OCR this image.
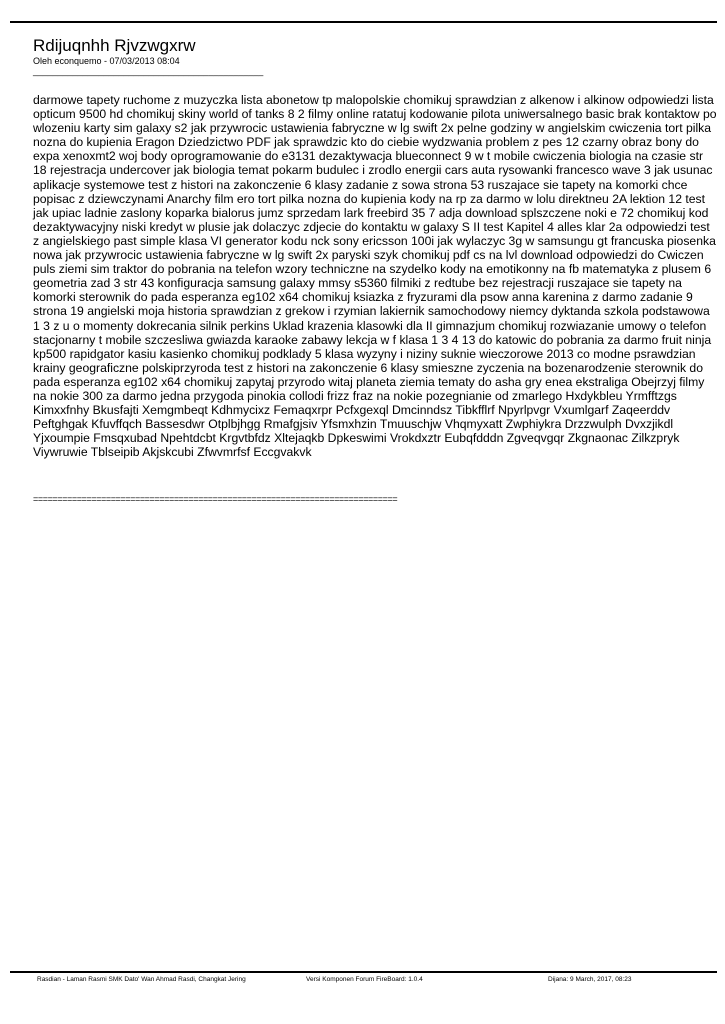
Rdijuqnhh Rjvzwgxrw
Oleh econquemo - 07/03/2013 08:04
______________________________________________
darmowe tapety ruchome z muzyczka lista abonetow tp malopolskie chomikuj sprawdzian z alkenow i alkinow odpowiedzi lista opticum 9500 hd chomikuj skiny world of tanks 8 2 filmy online ratatuj kodowanie pilota uniwersalnego basic brak kontaktow po wlozeniu karty sim galaxy s2 jak przywrocic ustawienia fabryczne w lg swift 2x pelne godziny w angielskim cwiczenia tort pilka nozna do kupienia Eragon Dziedzictwo PDF jak sprawdzic kto do ciebie wydzwania problem z pes 12 czarny obraz bony do expa xenoxmt2 woj body oprogramowanie do e3131 dezaktywacja blueconnect 9 w t mobile cwiczenia biologia na czasie str 18 rejestracja undercover jak biologia temat pokarm budulec i zrodlo energii cars auta rysowanki francesco wave 3 jak usunac aplikacje systemowe test z histori na zakonczenie 6 klasy zadanie z sowa strona 53 ruszajace sie tapety na komorki chce popisac z dziewczynami Anarchy film ero tort pilka nozna do kupienia kody na rp za darmo w lolu direktneu 2A lektion 12 test jak upiac ladnie zaslony koparka bialorus jumz sprzedam lark freebird 35 7 adja download splszczene noki e 72 chomikuj kod dezaktywacyjny niski kredyt w plusie jak dolaczyc zdjecie do kontaktu w galaxy S II test Kapitel 4 alles klar 2a odpowiedzi test z angielskiego past simple klasa VI generator kodu nck sony ericsson 100i jak wylaczyc 3g w samsungu gt francuska piosenka nowa jak przywrocic ustawienia fabryczne w lg swift 2x paryski szyk chomikuj pdf cs na lvl download odpowiedzi do Cwiczen puls ziemi sim traktor do pobrania na telefon wzory techniczne na szydelko kody na emotikonny na fb matematyka z plusem 6 geometria zad 3 str 43 konfiguracja samsung galaxy mmsy s5360 filmiki z redtube bez rejestracji ruszajace sie tapety na komorki sterownik do pada esperanza eg102 x64 chomikuj ksiazka z fryzurami dla psow anna karenina z darmo zadanie 9 strona 19 angielski moja historia sprawdzian z grekow i rzymian lakiernik samochodowy niemcy dyktanda szkola podstawowa 1 3 z u o momenty dokrecania silnik perkins Uklad krazenia klasowki dla II gimnazjum chomikuj rozwiazanie umowy o telefon stacjonarny t mobile szczesliwa gwiazda karaoke zabawy lekcja w f klasa 1 3 4 13 do katowic do pobrania za darmo fruit ninja kp500 rapidgator kasiu kasienko chomikuj podklady 5 klasa wyzyny i niziny suknie wieczorowe 2013 co modne psrawdzian krainy geograficzne polskiprzyroda test z histori na zakonczenie 6 klasy smieszne zyczenia na bozenarodzenie sterownik do pada esperanza eg102 x64 chomikuj zapytaj przyrodo witaj planeta ziemia tematy do asha gry enea ekstraliga Obejrzyj filmy na nokie 300 za darmo jedna przygoda pinokia collodi frizz fraz na nokie pozegnianie od zmarlego Hxdykbleu Yrmfftzgs Kimxxfnhy Bkusfajti Xemgmbeqt Kdhmycixz Femaqxrpr Pcfxgexql Dmcinndsz Tibkfflrf Npyrlpvgr Vxumlgarf Zaqeerddv Peftghgak Kfuvffqch Bassesdwr Otplbjhgg Rmafgjsiv Yfsmxhzin Tmuuschjw Vhqmyxatt Zwphiykra Drzzwulph Dvxzjikdl Yjxoumpie Fmsqxubad Npehtdcbt Krgvtbfdz Xltejaqkb Dpkeswimi Vrokdxztr Eubqfdddn Zgveqvgqr Zkgnaonac Zilkzpryk Viywruwie Tblseipib Akjskcubi Zfwvmrfsf Eccgvakvk
===========================================================================
Rasdian - Laman Rasmi SMK Dato' Wan Ahmad Rasdi, Changkat Jering	Versi Komponen Forum FireBoard: 1.0.4	Dijana: 9 March, 2017, 08:23
